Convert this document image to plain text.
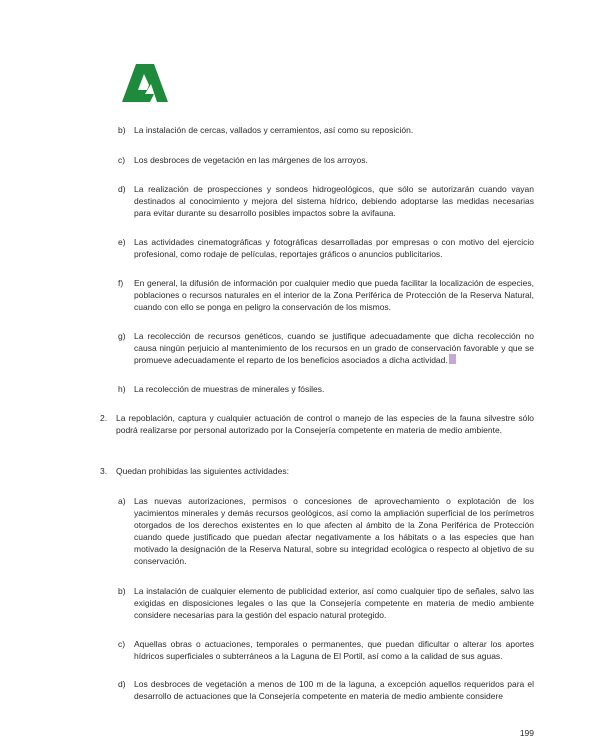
b) La instalación de cercas, vallados y cerramientos, así como su reposición.
c) Los desbroces de vegetación en las márgenes de los arroyos.
d) La realización de prospecciones y sondeos hidrogeológicos, que sólo se autorizarán cuando vayan destinados al conocimiento y mejora del sistema hídrico, debiendo adoptarse las medidas necesarias para evitar durante su desarrollo posibles impactos sobre la avifauna.
e) Las actividades cinematográficas y fotográficas desarrolladas por empresas o con motivo del ejercicio profesional, como rodaje de películas, reportajes gráficos o anuncios publicitarios.
f) En general, la difusión de información por cualquier medio que pueda facilitar la localización de especies, poblaciones o recursos naturales en el interior de la Zona Periférica de Protección de la Reserva Natural, cuando con ello se ponga en peligro la conservación de los mismos.
g) La recolección de recursos genéticos, cuando se justifique adecuadamente que dicha recolección no causa ningún perjuicio al mantenimiento de los recursos en un grado de conservación favorable y que se promueve adecuadamente el reparto de los beneficios asociados a dicha actividad.
h) La recolección de muestras de minerales y fósiles.
2. La repoblación, captura y cualquier actuación de control o manejo de las especies de la fauna silvestre sólo podrá realizarse por personal autorizado por la Consejería competente en materia de medio ambiente.
3. Quedan prohibidas las siguientes actividades:
a) Las nuevas autorizaciones, permisos o concesiones de aprovechamiento o explotación de los yacimientos minerales y demás recursos geológicos, así como la ampliación superficial de los perímetros otorgados de los derechos existentes en lo que afecten al ámbito de la Zona Periférica de Protección cuando quede justificado que puedan afectar negativamente a los hábitats o a las especies que han motivado la designación de la Reserva Natural, sobre su integridad ecológica o respecto al objetivo de su conservación.
b) La instalación de cualquier elemento de publicidad exterior, así como cualquier tipo de señales, salvo las exigidas en disposiciones legales o las que la Consejería competente en materia de medio ambiente considere necesarias para la gestión del espacio natural protegido.
c) Aquellas obras o actuaciones, temporales o permanentes, que puedan dificultar o alterar los aportes hídricos superficiales o subterráneos a la Laguna de El Portil, así como a la calidad de sus aguas.
d) Los desbroces de vegetación a menos de 100 m de la laguna, a excepción aquellos requeridos para el desarrollo de actuaciones que la Consejería competente en materia de medio ambiente considere
199
